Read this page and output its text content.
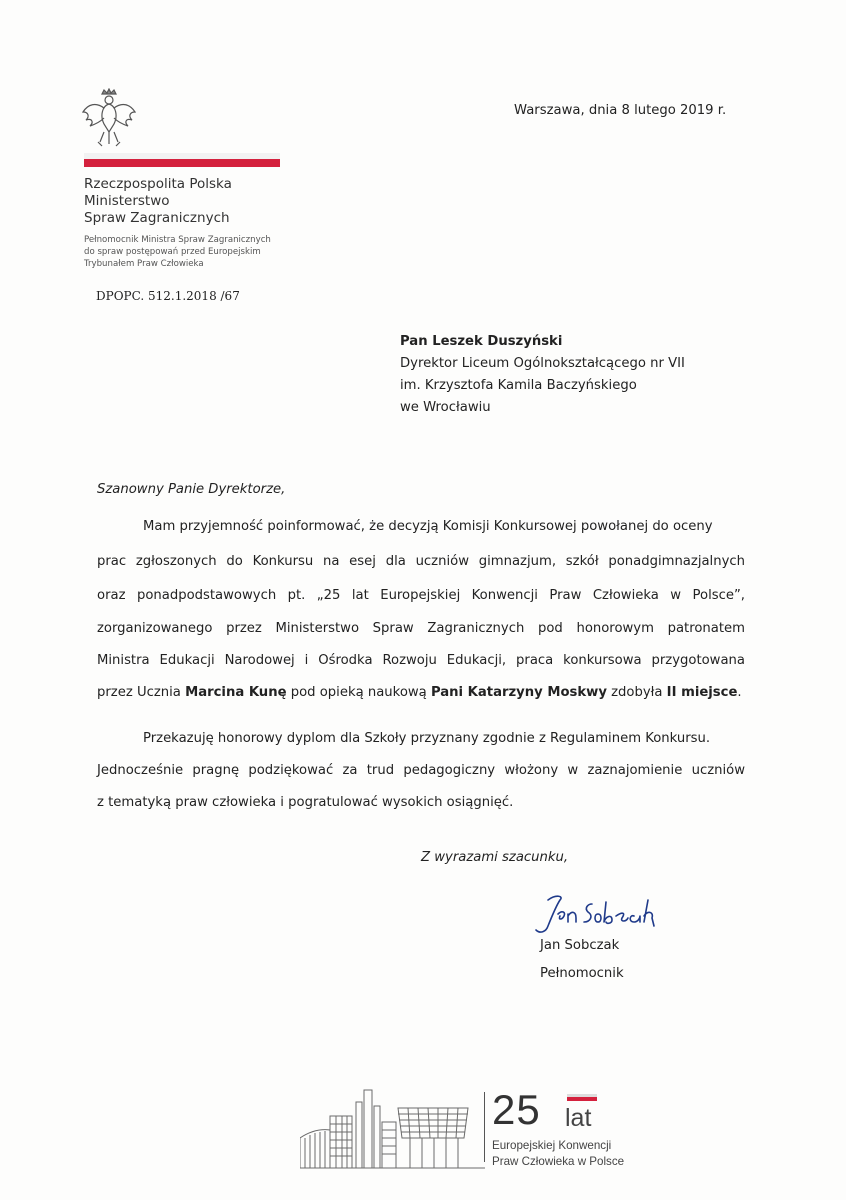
Rzeczpospolita Polska
Ministerstwo
Spraw Zagranicznych
Pełnomocnik Ministra Spraw Zagranicznych
do spraw postępowań przed Europejskim
Trybunałem Praw Człowieka
DPOPC. 512.1.2018 /67
Warszawa, dnia 8 lutego 2019 r.
Pan Leszek Duszyński
Dyrektor Liceum Ogólnokształcącego nr VII
im. Krzysztofa Kamila Baczyńskiego
we Wrocławiu
Szanowny Panie Dyrektorze,
Mam przyjemność poinformować, że decyzją Komisji Konkursowej powołanej do oceny
prac zgłoszonych do Konkursu na esej dla uczniów gimnazjum, szkół ponadgimnazjalnych
oraz ponadpodstawowych pt. „25 lat Europejskiej Konwencji Praw Człowieka w Polsce”,
zorganizowanego przez Ministerstwo Spraw Zagranicznych pod honorowym patronatem
Ministra Edukacji Narodowej i Ośrodka Rozwoju Edukacji, praca konkursowa przygotowana
przez Ucznia Marcina Kunę pod opieką naukową Pani Katarzyny Moskwy zdobyła II miejsce.
Przekazuję honorowy dyplom dla Szkoły przyznany zgodnie z Regulaminem Konkursu.
Jednocześnie pragnę podziękować za trud pedagogiczny włożony w zaznajomienie uczniów
z tematyką praw człowieka i pogratulować wysokich osiągnięć.
Z wyrazami szacunku,
Jan Sobczak
Pełnomocnik
25 lat
Europejskiej Konwencji
Praw Człowieka w Polsce
